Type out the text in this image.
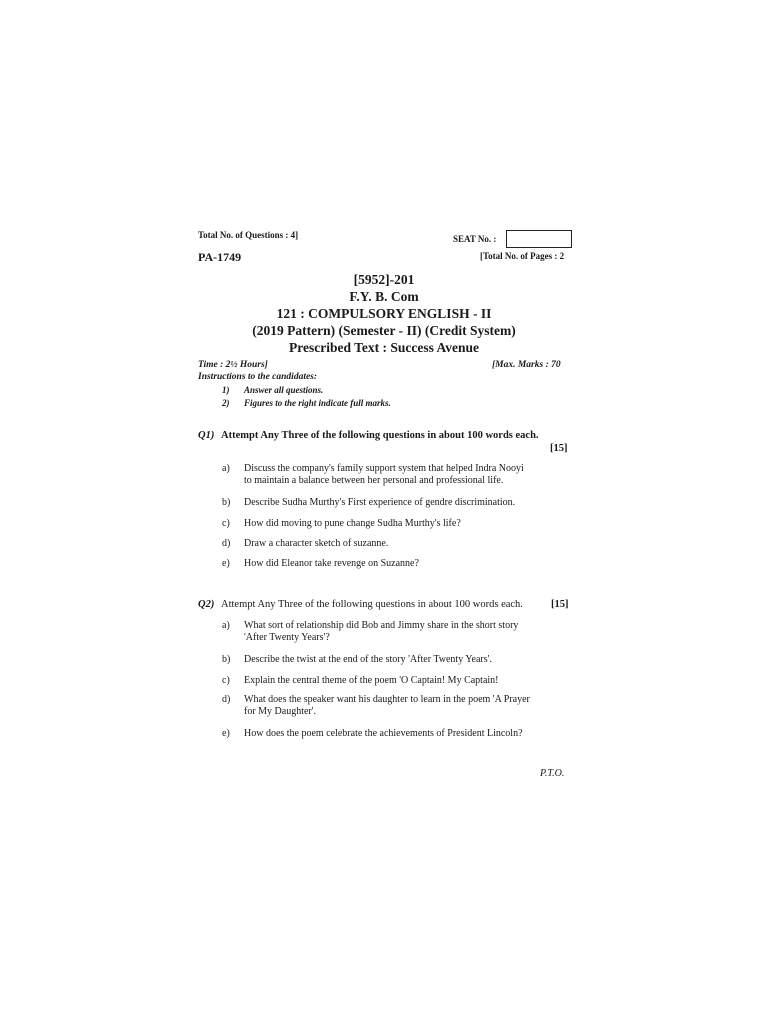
Total No. of Questions : 4]	SEAT No. :
PA-1749	[Total No. of Pages : 2
[5952]-201
F.Y. B. Com
121 : COMPULSORY ENGLISH - II
(2019 Pattern) (Semester - II) (Credit System)
Prescribed Text : Success Avenue
Time : 2½ Hours]	[Max. Marks : 70
Instructions to the candidates:
1) Answer all questions.
2) Figures to the right indicate full marks.
Q1) Attempt Any Three of the following questions in about 100 words each.
[15]
a) Discuss the company's family support system that helped Indra Nooyi
to maintain a balance between her personal and professional life.
b) Describe Sudha Murthy's First experience of gendre discrimination.
c) How did moving to pune change Sudha Murthy's life?
d) Draw a character sketch of suzanne.
e) How did Eleanor take revenge on Suzanne?
Q2) Attempt Any Three of the following questions in about 100 words each.	[15]
a) What sort of relationship did Bob and Jimmy share in the short story
'After Twenty Years'?
b) Describe the twist at the end of the story 'After Twenty Years'.
c) Explain the central theme of the poem 'O Captain! My Captain!
d) What does the speaker want his daughter to learn in the poem 'A Prayer
for My Daughter'.
e) How does the poem celebrate the achievements of President Lincoln?
P.T.O.
